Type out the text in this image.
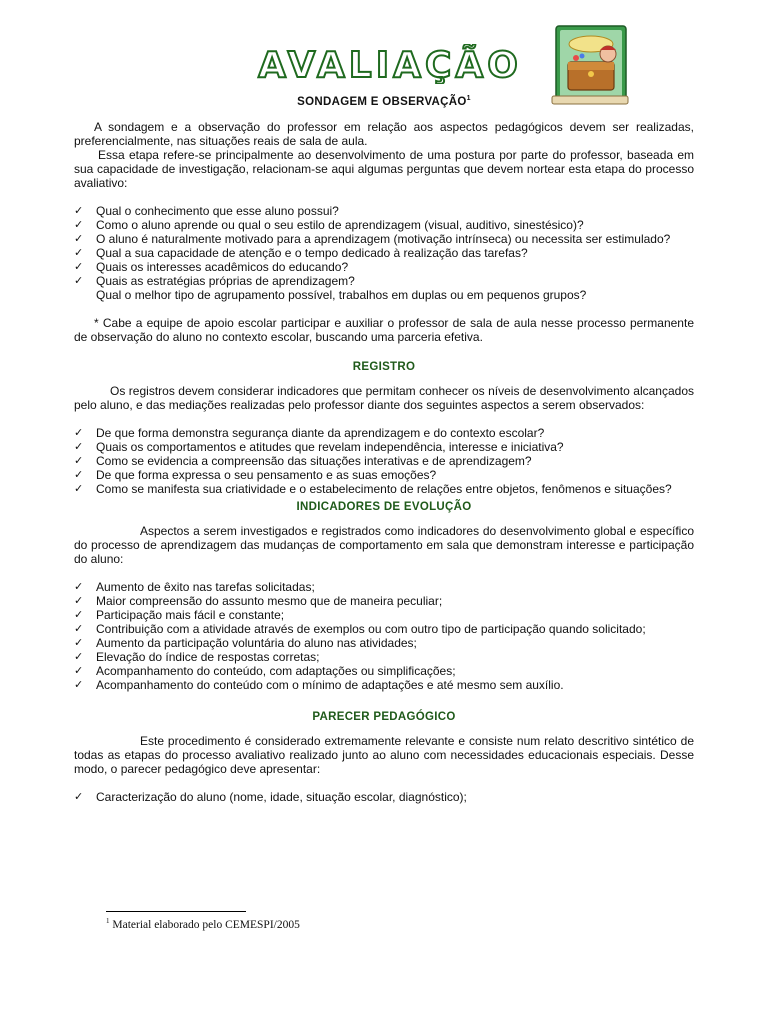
AVALIAÇÃO
SONDAGEM E OBSERVAÇÃO$^1$

A sondagem e a observação do professor em relação aos aspectos pedagógicos devem ser realizadas, preferencialmente, nas situações reais de sala de aula.

Essa etapa refere-se principalmente ao desenvolvimento de uma postura por parte do professor, baseada em sua capacidade de investigação, relacionam-se aqui algumas perguntas que devem nortear esta etapa do processo avaliativo:

✓ Qual o conhecimento que esse aluno possui?
✓ Como o aluno aprende ou qual o seu estilo de aprendizagem (visual, auditivo, sinestésico)?
✓ O aluno é naturalmente motivado para a aprendizagem (motivação intrínseca) ou necessita ser estimulado?
✓ Qual a sua capacidade de atenção e o tempo dedicado à realização das tarefas?
✓ Quais os interesses acadêmicos do educando?
✓ Quais as estratégias próprias de aprendizagem?
Qual o melhor tipo de agrupamento possível, trabalhos em duplas ou em pequenos grupos?

* Cabe a equipe de apoio escolar participar e auxiliar o professor de sala de aula nesse processo permanente de observação do aluno no contexto escolar, buscando uma parceria efetiva.

REGISTRO

Os registros devem considerar indicadores que permitam conhecer os níveis de desenvolvimento alcançados pelo aluno, e das mediações realizadas pelo professor diante dos seguintes aspectos a serem observados:

✓ De que forma demonstra segurança diante da aprendizagem e do contexto escolar?
✓ Quais os comportamentos e atitudes que revelam independência, interesse e iniciativa?
✓ Como se evidencia a compreensão das situações interativas e de aprendizagem?
✓ De que forma expressa o seu pensamento e as suas emoções?
✓ Como se manifesta sua criatividade e o estabelecimento de relações entre objetos, fenômenos e situações?
INDICADORES DE EVOLUÇÃO

Aspectos a serem investigados e registrados como indicadores do desenvolvimento global e específico do processo de aprendizagem das mudanças de comportamento em sala que demonstram interesse e participação do aluno:

✓ Aumento de êxito nas tarefas solicitadas;
✓ Maior compreensão do assunto mesmo que de maneira peculiar;
✓ Participação mais fácil e constante;
✓ Contribuição com a atividade através de exemplos ou com outro tipo de participação quando solicitado;
✓ Aumento da participação voluntária do aluno nas atividades;
✓ Elevação do índice de respostas corretas;
✓ Acompanhamento do conteúdo, com adaptações ou simplificações;
✓ Acompanhamento do conteúdo com o mínimo de adaptações e até mesmo sem auxílio.
PARECER PEDAGÓGICO

Este procedimento é considerado extremamente relevante e consiste num relato descritivo sintético de todas as etapas do processo avaliativo realizado junto ao aluno com necessidades educacionais especiais. Desse modo, o parecer pedagógico deve apresentar:

✓ Caracterização do aluno (nome, idade, situação escolar, diagnóstico);
$^1$ Material elaborado pelo CEMESPI/2005
